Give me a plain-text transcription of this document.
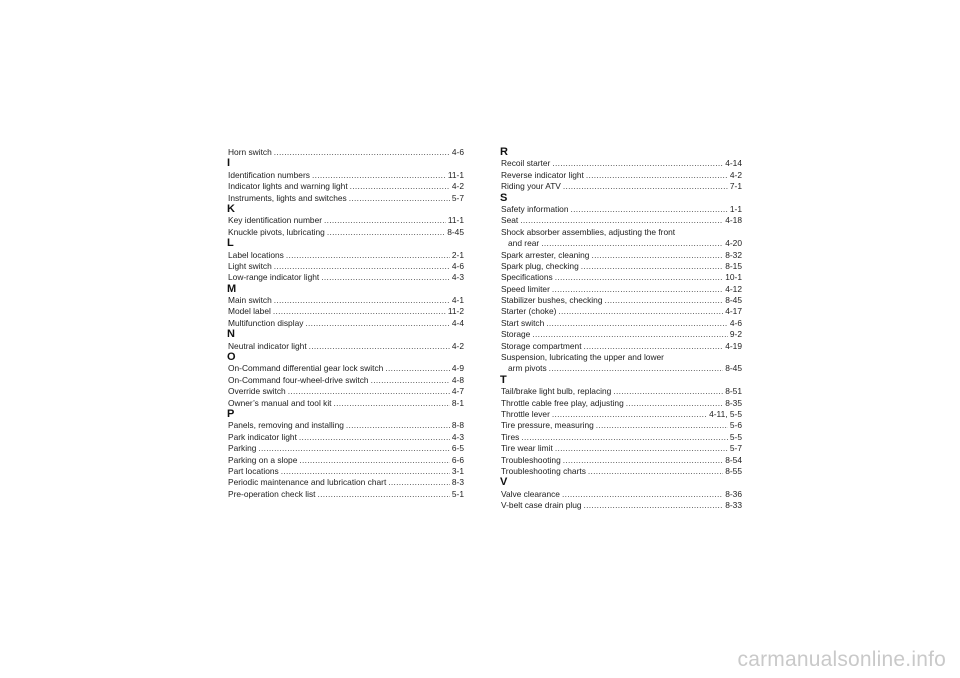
Horn switch .....	4-6
I
Identification numbers .....	11-1
Indicator lights and warning light .....	4-2
Instruments, lights and switches .....	5-7
K
Key identification number .....	11-1
Knuckle pivots, lubricating .....	8-45
L
Label locations .....	2-1
Light switch .....	4-6
Low-range indicator light .....	4-3
M
Main switch .....	4-1
Model label .....	11-2
Multifunction display .....	4-4
N
Neutral indicator light .....	4-2
O
On-Command differential gear lock switch .....	4-9
On-Command four-wheel-drive switch .....	4-8
Override switch .....	4-7
Owner’s manual and tool kit .....	8-1
P
Panels, removing and installing .....	8-8
Park indicator light .....	4-3
Parking .....	6-5
Parking on a slope .....	6-6
Part locations .....	3-1
Periodic maintenance and lubrication chart .....	8-3
Pre-operation check list .....	5-1
R
Recoil starter .....	4-14
Reverse indicator light .....	4-2
Riding your ATV .....	7-1
S
Safety information .....	1-1
Seat .....	4-18
Shock absorber assemblies, adjusting the front
and rear .....	4-20
Spark arrester, cleaning .....	8-32
Spark plug, checking .....	8-15
Specifications .....	10-1
Speed limiter .....	4-12
Stabilizer bushes, checking .....	8-45
Starter (choke) .....	4-17
Start switch .....	4-6
Storage .....	9-2
Storage compartment .....	4-19
Suspension, lubricating the upper and lower
arm pivots .....	8-45
T
Tail/brake light bulb, replacing .....	8-51
Throttle cable free play, adjusting .....	8-35
Throttle lever .....	4-11, 5-5
Tire pressure, measuring .....	5-6
Tires .....	5-5
Tire wear limit .....	5-7
Troubleshooting .....	8-54
Troubleshooting charts .....	8-55
V
Valve clearance .....	8-36
V-belt case drain plug .....	8-33
carmanualsonline.info
